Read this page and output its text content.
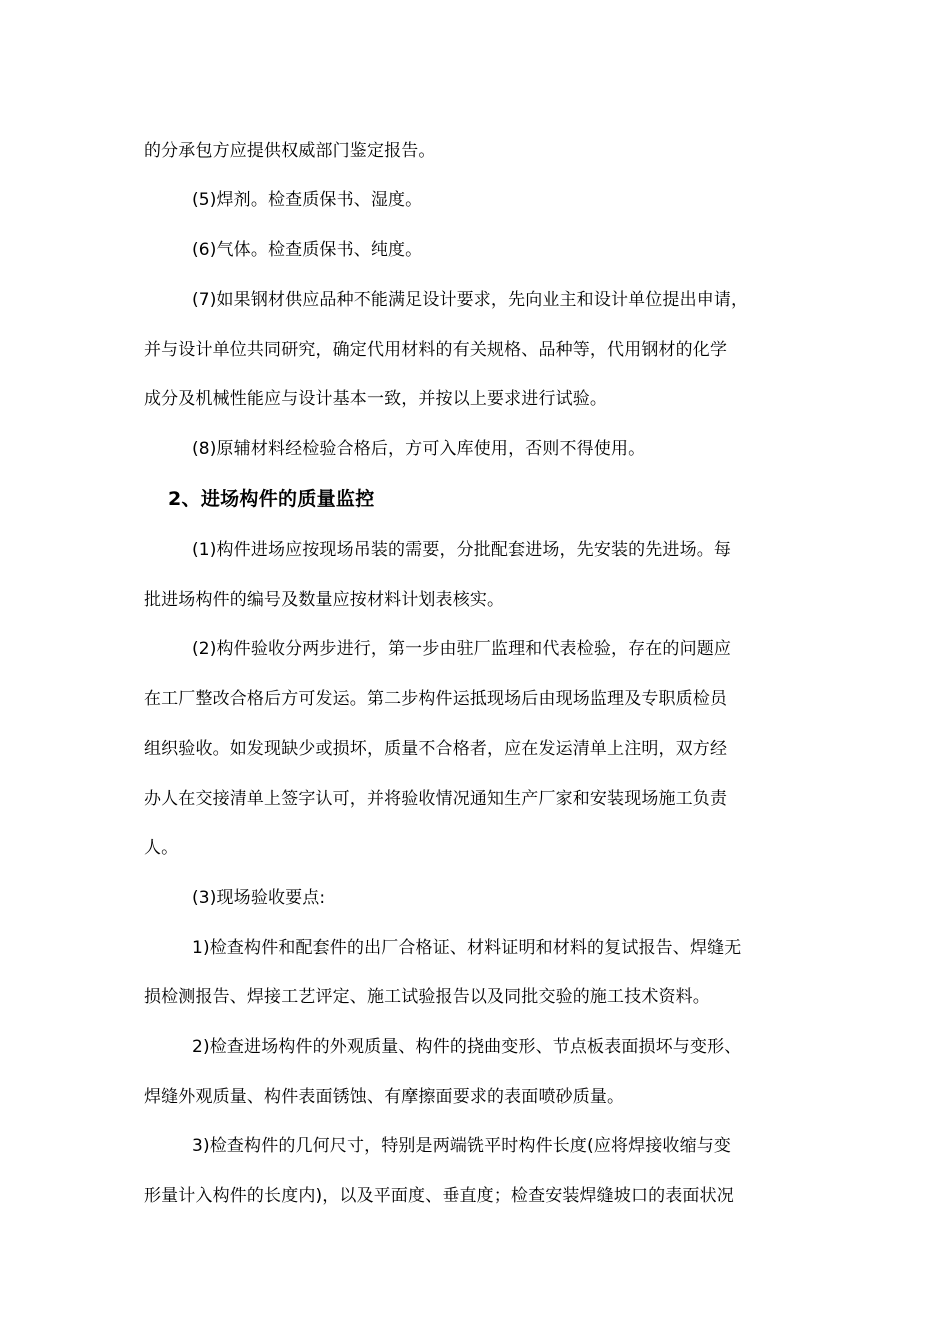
的分承包方应提供权威部门鉴定报告。
(5)焊剂。检查质保书、湿度。
(6)气体。检查质保书、纯度。
(7)如果钢材供应品种不能满足设计要求，先向业主和设计单位提出申请，
并与设计单位共同研究，确定代用材料的有关规格、品种等，代用钢材的化学
成分及机械性能应与设计基本一致，并按以上要求进行试验。
(8)原辅材料经检验合格后，方可入库使用，否则不得使用。
2、进场构件的质量监控
(1)构件进场应按现场吊装的需要，分批配套进场，先安装的先进场。每
批进场构件的编号及数量应按材料计划表核实。
(2)构件验收分两步进行，第一步由驻厂监理和代表检验，存在的问题应
在工厂整改合格后方可发运。第二步构件运抵现场后由现场监理及专职质检员
组织验收。如发现缺少或损坏，质量不合格者，应在发运清单上注明，双方经
办人在交接清单上签字认可，并将验收情况通知生产厂家和安装现场施工负责
人。
(3)现场验收要点:
1)检查构件和配套件的出厂合格证、材料证明和材料的复试报告、焊缝无
损检测报告、焊接工艺评定、施工试验报告以及同批交验的施工技术资料。
2)检查进场构件的外观质量、构件的挠曲变形、节点板表面损坏与变形、
焊缝外观质量、构件表面锈蚀、有摩擦面要求的表面喷砂质量。
3)检查构件的几何尺寸，特别是两端铣平时构件长度(应将焊接收缩与变
形量计入构件的长度内)，以及平面度、垂直度；检查安装焊缝坡口的表面状况
